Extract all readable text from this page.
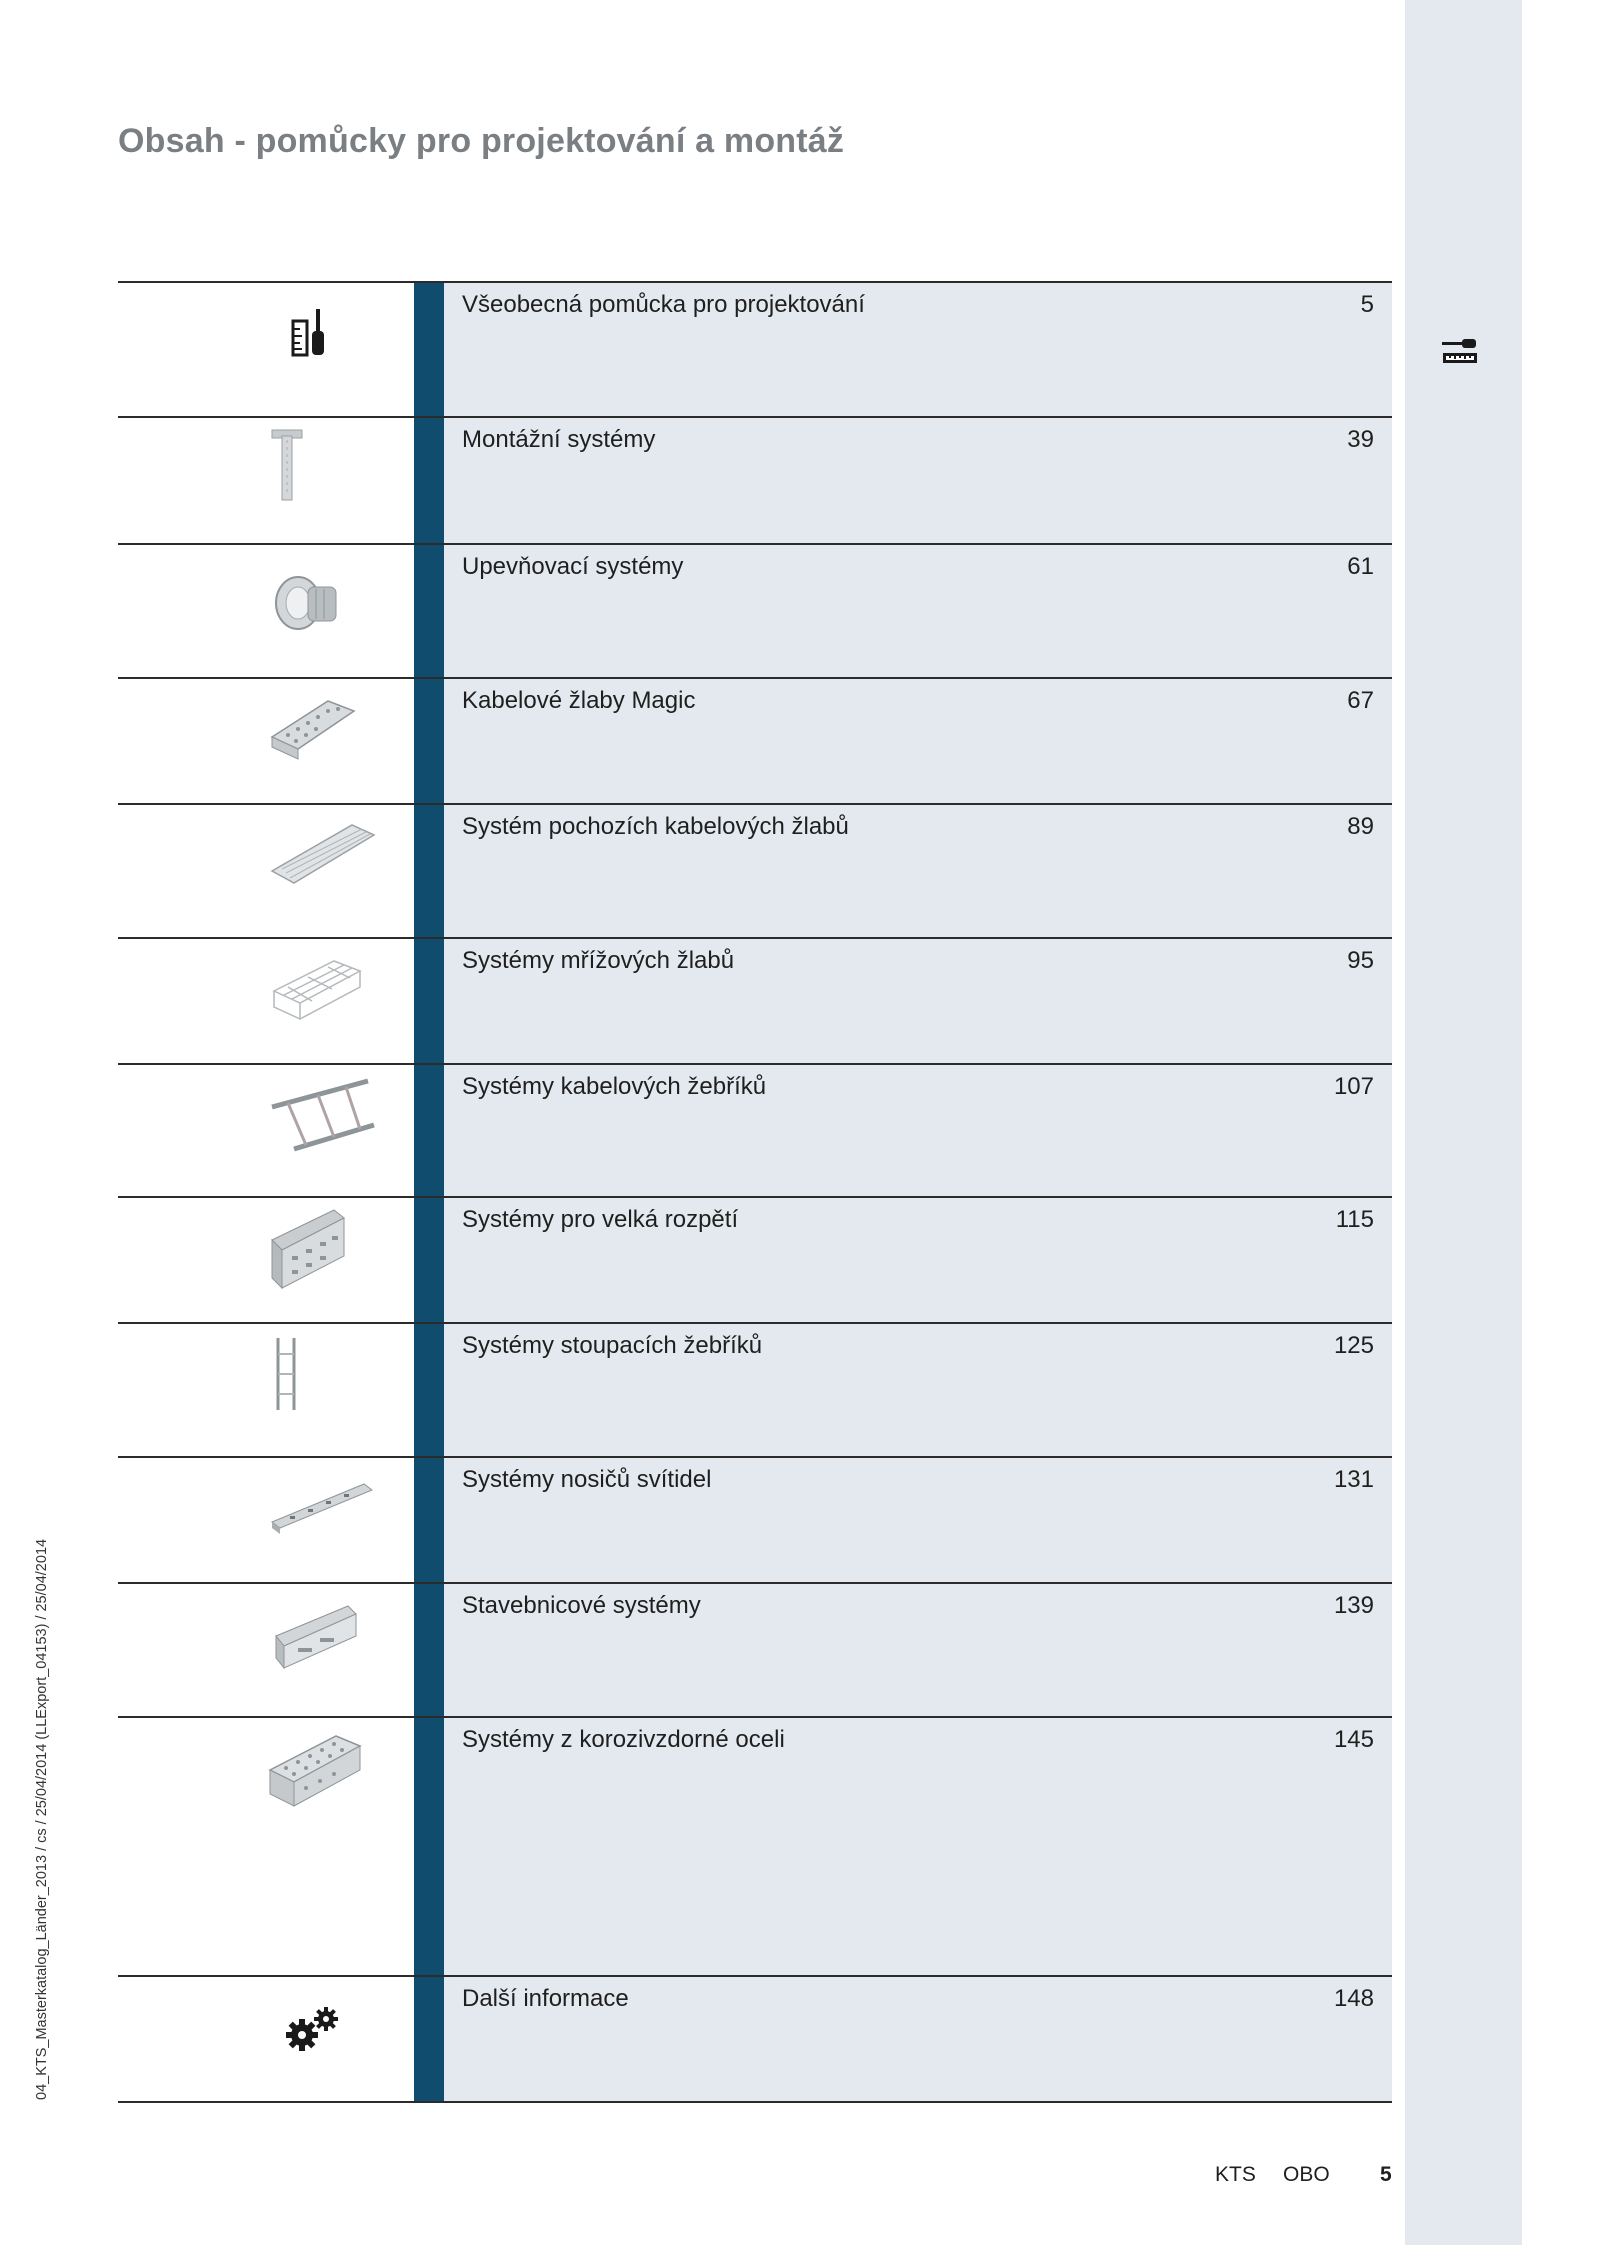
Obsah - pomůcky pro projektování a montáž
Všeobecná pomůcka pro projektování	5
Montážní systémy	39
Upevňovací systémy	61
Kabelové žlaby Magic	67
Systém pochozích kabelových žlabů	89
Systémy mřížových žlabů	95
Systémy kabelových žebříků	107
Systémy pro velká rozpětí	115
Systémy stoupacích žebříků	125
Systémy nosičů svítidel	131
Stavebnicové systémy	139
Systémy z korozivzdorné oceli	145
Další informace	148
04_KTS_Masterkatalog_Länder_2013 / cs / 25/04/2014 (LLExport_04153) / 25/04/2014
KTS OBO 5
